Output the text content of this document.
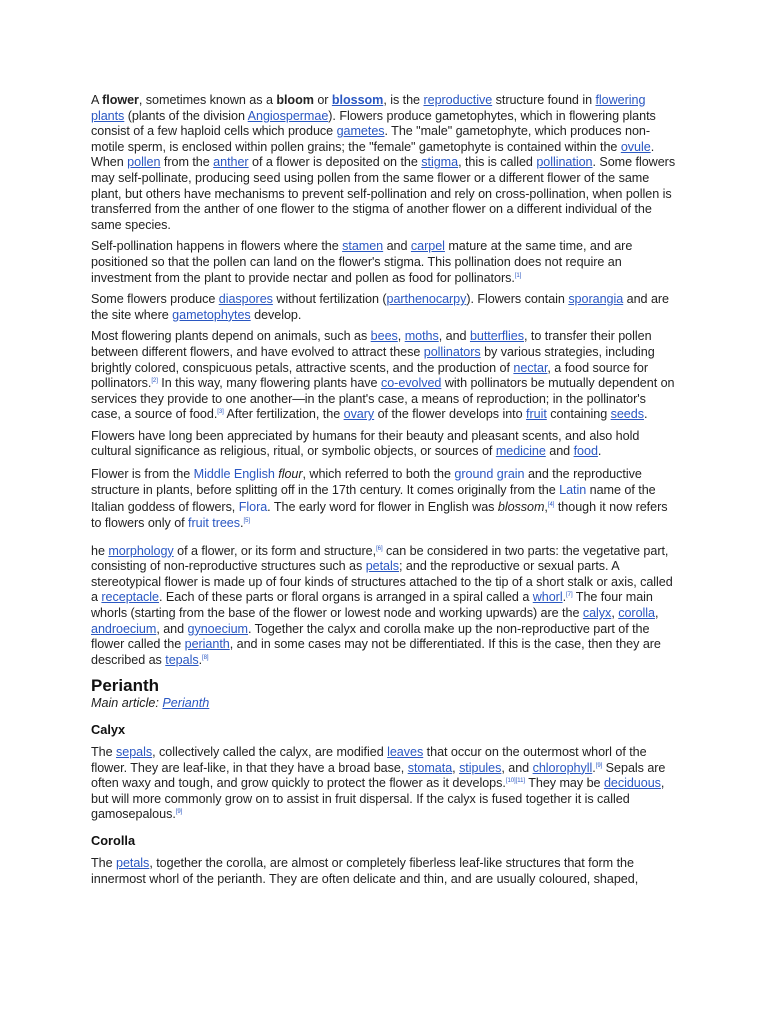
A flower, sometimes known as a bloom or blossom, is the reproductive structure found in flowering plants (plants of the division Angiospermae). Flowers produce gametophytes, which in flowering plants consist of a few haploid cells which produce gametes. The "male" gametophyte, which produces non-motile sperm, is enclosed within pollen grains; the "female" gametophyte is contained within the ovule. When pollen from the anther of a flower is deposited on the stigma, this is called pollination. Some flowers may self-pollinate, producing seed using pollen from the same flower or a different flower of the same plant, but others have mechanisms to prevent self-pollination and rely on cross-pollination, when pollen is transferred from the anther of one flower to the stigma of another flower on a different individual of the same species.

Self-pollination happens in flowers where the stamen and carpel mature at the same time, and are positioned so that the pollen can land on the flower's stigma. This pollination does not require an investment from the plant to provide nectar and pollen as food for pollinators.[1]

Some flowers produce diaspores without fertilization (parthenocarpy). Flowers contain sporangia and are the site where gametophytes develop.

Most flowering plants depend on animals, such as bees, moths, and butterflies, to transfer their pollen between different flowers, and have evolved to attract these pollinators by various strategies, including brightly colored, conspicuous petals, attractive scents, and the production of nectar, a food source for pollinators.[2] In this way, many flowering plants have co-evolved with pollinators be mutually dependent on services they provide to one another—in the plant's case, a means of reproduction; in the pollinator's case, a source of food.[3] After fertilization, the ovary of the flower develops into fruit containing seeds.

Flowers have long been appreciated by humans for their beauty and pleasant scents, and also hold cultural significance as religious, ritual, or symbolic objects, or sources of medicine and food.

Flower is from the Middle English flour, which referred to both the ground grain and the reproductive structure in plants, before splitting off in the 17th century. It comes originally from the Latin name of the Italian goddess of flowers, Flora. The early word for flower in English was blossom,[4] though it now refers to flowers only of fruit trees.[5]

he morphology of a flower, or its form and structure,[6] can be considered in two parts: the vegetative part, consisting of non-reproductive structures such as petals; and the reproductive or sexual parts. A stereotypical flower is made up of four kinds of structures attached to the tip of a short stalk or axis, called a receptacle. Each of these parts or floral organs is arranged in a spiral called a whorl.[7] The four main whorls (starting from the base of the flower or lowest node and working upwards) are the calyx, corolla, androecium, and gynoecium. Together the calyx and corolla make up the non-reproductive part of the flower called the perianth, and in some cases may not be differentiated. If this is the case, then they are described as tepals.[8]

Perianth
Main article: Perianth
Calyx

The sepals, collectively called the calyx, are modified leaves that occur on the outermost whorl of the flower. They are leaf-like, in that they have a broad base, stomata, stipules, and chlorophyll.[9] Sepals are often waxy and tough, and grow quickly to protect the flower as it develops.[10][11] They may be deciduous, but will more commonly grow on to assist in fruit dispersal. If the calyx is fused together it is called gamosepalous.[9]

Corolla

The petals, together the corolla, are almost or completely fiberless leaf-like structures that form the innermost whorl of the perianth. They are often delicate and thin, and are usually coloured, shaped,
